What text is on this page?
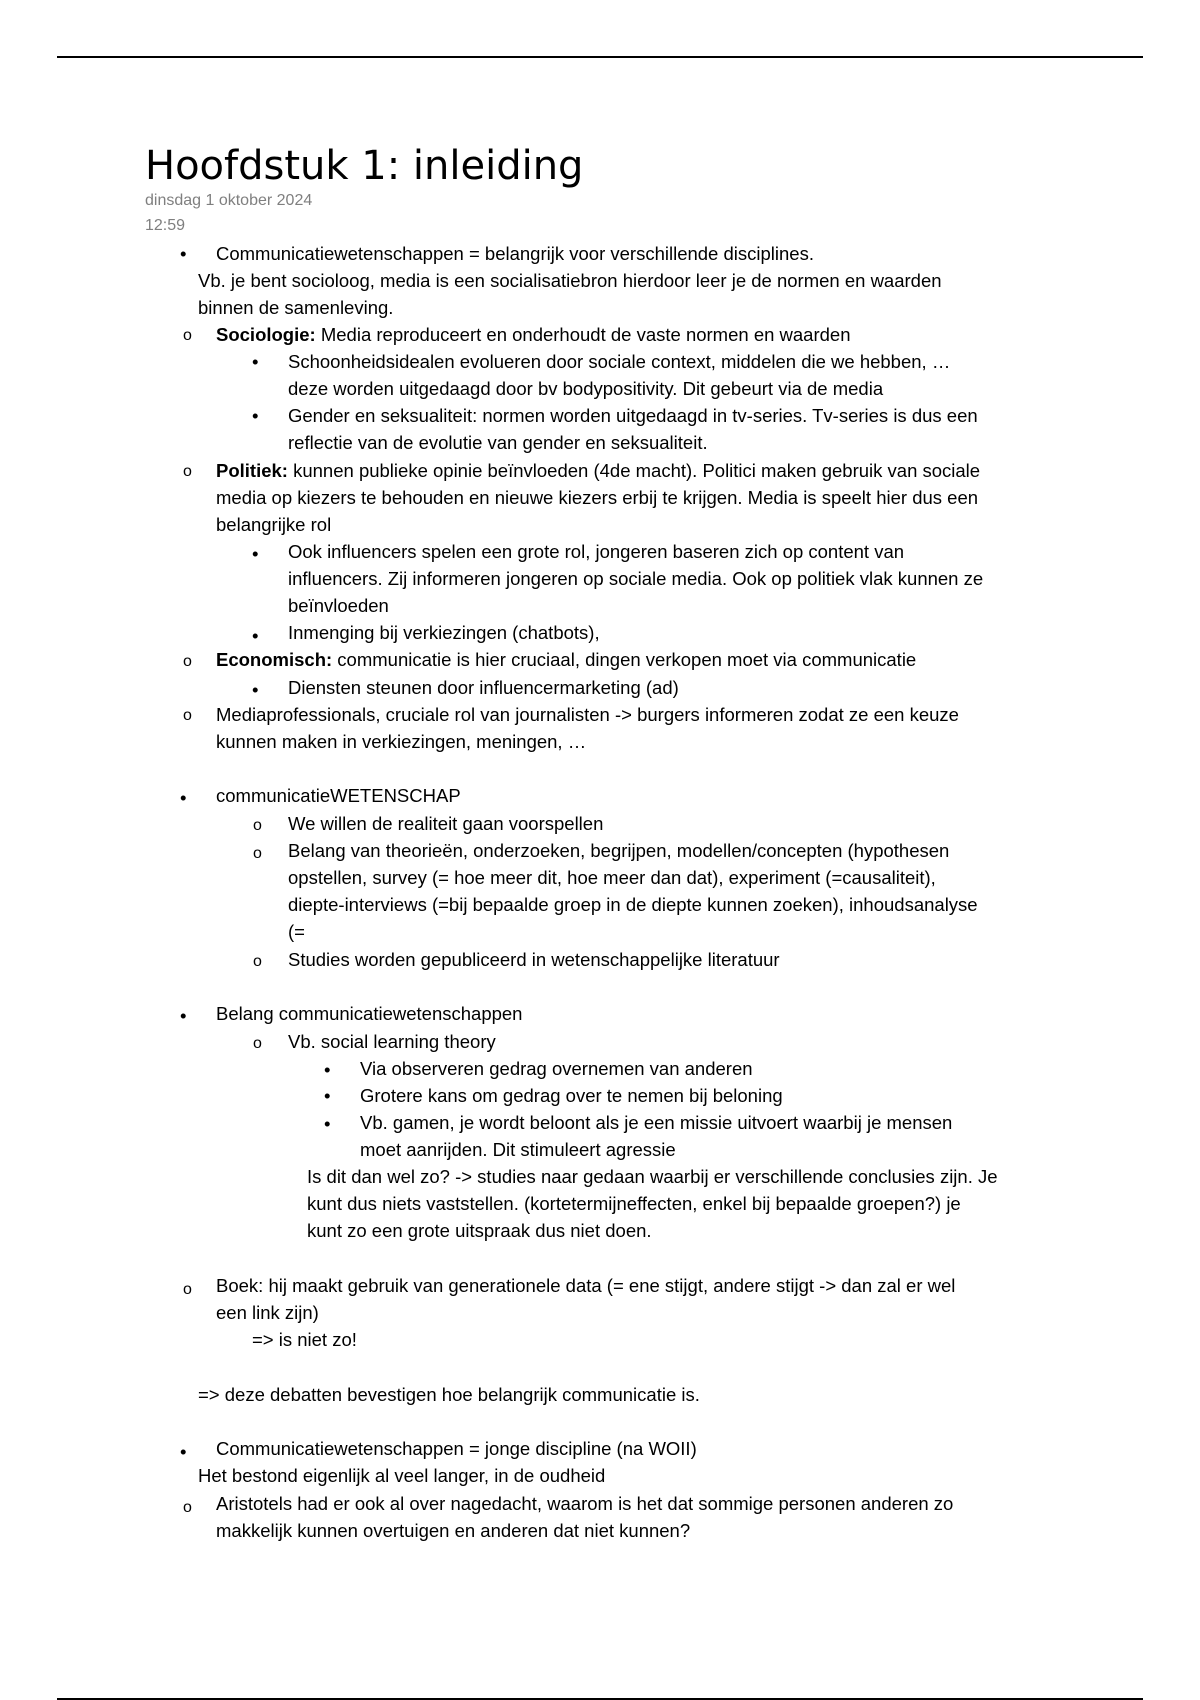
Hoofdstuk 1: inleiding
dinsdag 1 oktober 2024
12:59
•
o
•
•
o
•
•
o
•
o
•
o
o
o
•
o
•
•
•
o
•
o
Communicatiewetenschappen = belangrijk voor verschillende disciplines.
Vb. je bent socioloog, media is een socialisatiebron hierdoor leer je de normen en waarden
binnen de samenleving.
Sociologie: Media reproduceert en onderhoudt de vaste normen en waarden
Schoonheidsidealen evolueren door sociale context, middelen die we hebben, …
deze worden uitgedaagd door bv bodypositivity. Dit gebeurt via de media
Gender en seksualiteit: normen worden uitgedaagd in tv-series. Tv-series is dus een
reflectie van de evolutie van gender en seksualiteit.
Politiek: kunnen publieke opinie beïnvloeden (4de macht). Politici maken gebruik van sociale
media op kiezers te behouden en nieuwe kiezers erbij te krijgen. Media is speelt hier dus een
belangrijke rol
Ook influencers spelen een grote rol, jongeren baseren zich op content van
influencers. Zij informeren jongeren op sociale media. Ook op politiek vlak kunnen ze
beïnvloeden
Inmenging bij verkiezingen (chatbots),
Economisch: communicatie is hier cruciaal, dingen verkopen moet via communicatie
Diensten steunen door influencermarketing (ad)
Mediaprofessionals, cruciale rol van journalisten -> burgers informeren zodat ze een keuze
kunnen maken in verkiezingen, meningen, …
communicatieWETENSCHAP
We willen de realiteit gaan voorspellen
Belang van theorieën, onderzoeken, begrijpen, modellen/concepten (hypothesen
opstellen, survey (= hoe meer dit, hoe meer dan dat), experiment (=causaliteit),
diepte-interviews (=bij bepaalde groep in de diepte kunnen zoeken), inhoudsanalyse
(=
Studies worden gepubliceerd in wetenschappelijke literatuur
Belang communicatiewetenschappen
Vb. social learning theory
Via observeren gedrag overnemen van anderen
Grotere kans om gedrag over te nemen bij beloning
Vb. gamen, je wordt beloont als je een missie uitvoert waarbij je mensen
moet aanrijden. Dit stimuleert agressie
Is dit dan wel zo? -> studies naar gedaan waarbij er verschillende conclusies zijn. Je
kunt dus niets vaststellen. (kortetermijneffecten, enkel bij bepaalde groepen?) je
kunt zo een grote uitspraak dus niet doen.
Boek: hij maakt gebruik van generationele data (= ene stijgt, andere stijgt -> dan zal er wel
een link zijn)
=> is niet zo!
=> deze debatten bevestigen hoe belangrijk communicatie is.
Communicatiewetenschappen = jonge discipline (na WOII)
Het bestond eigenlijk al veel langer, in de oudheid
Aristotels had er ook al over nagedacht, waarom is het dat sommige personen anderen zo
makkelijk kunnen overtuigen en anderen dat niet kunnen?
